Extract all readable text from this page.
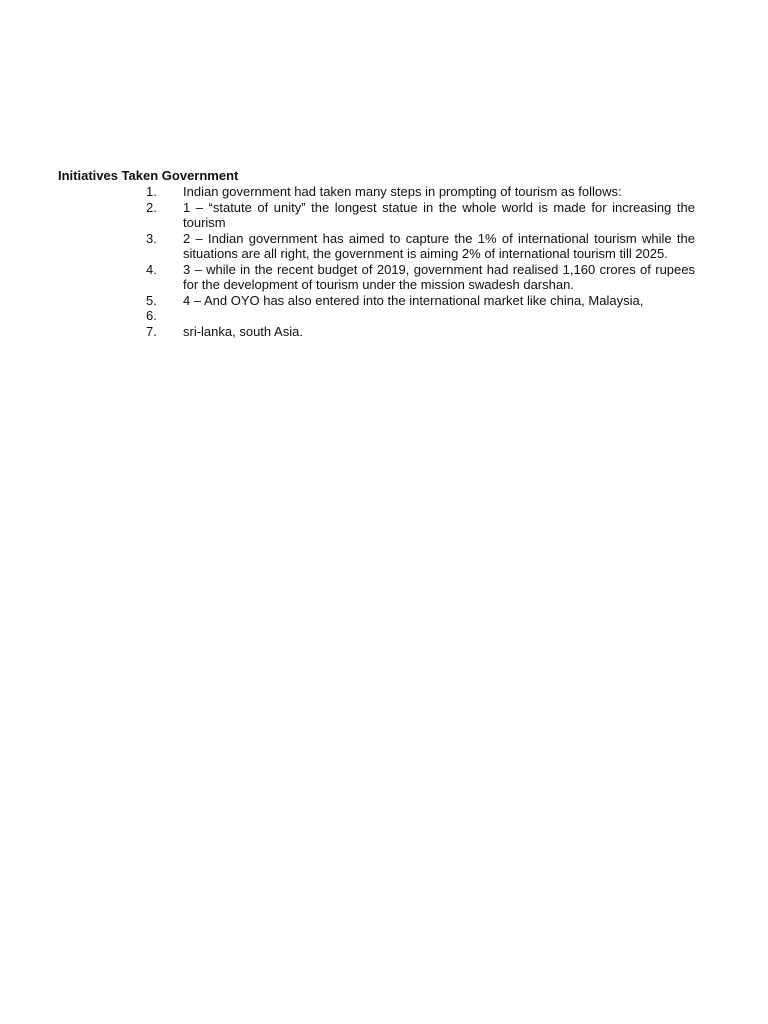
Initiatives Taken Government
1.	Indian government had taken many steps in prompting of tourism as follows:
2.	1 – “statute of unity” the longest statue in the whole world is made for increasing the tourism
3.	2 – Indian government has aimed to capture the 1% of international tourism while the situations are all right, the government is aiming 2% of international tourism till 2025.
4.	3 – while in the recent budget of 2019, government had realised 1,160 crores of rupees for the development of tourism under the mission swadesh darshan.
5.	4 – And OYO has also entered into the international market like china, Malaysia,
6.
7.	sri-lanka, south Asia.
